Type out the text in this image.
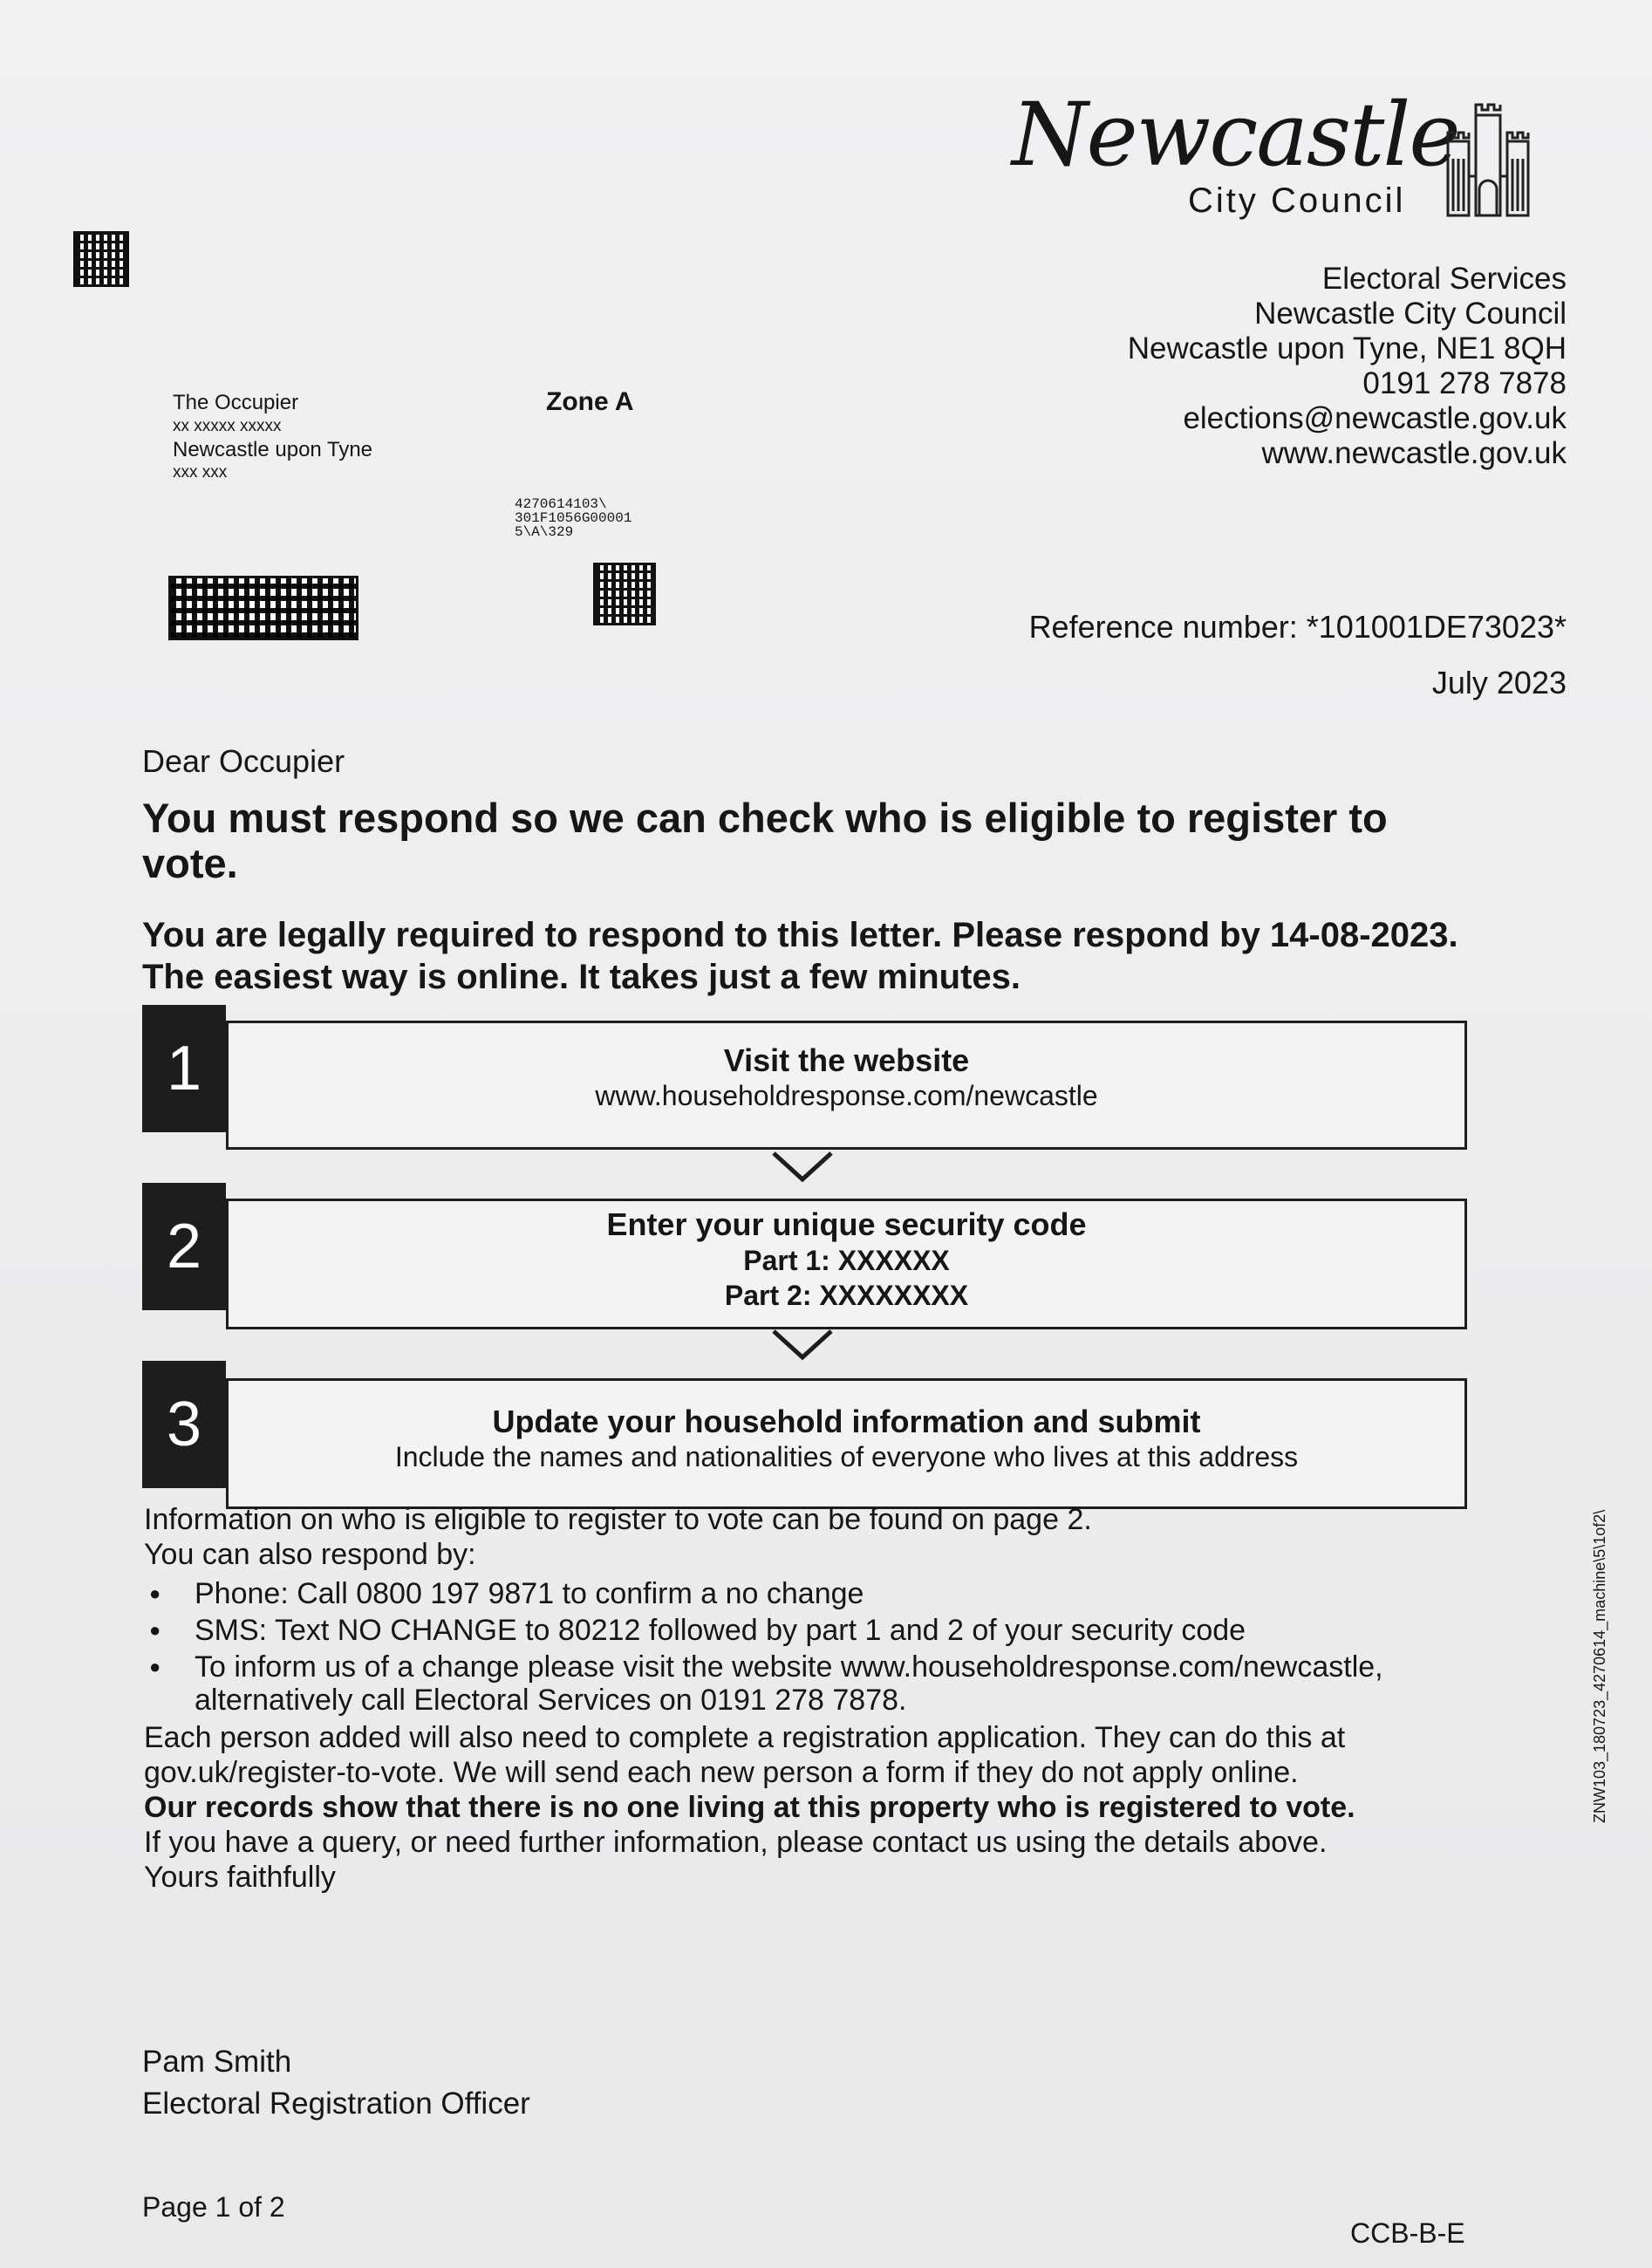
Newcastle
City Council
Electoral Services
Newcastle City Council
Newcastle upon Tyne, NE1 8QH
0191 278 7878
elections@newcastle.gov.uk
www.newcastle.gov.uk
The Occupier
xx xxxxx xxxxx
Newcastle upon Tyne
xxx xxx
Zone A
4270614103\
301F1056G00001
5\A\329
Reference number: *101001DE73023*
July 2023
Dear Occupier
You must respond so we can check who is eligible to register to vote.
You are legally required to respond to this letter. Please respond by 14-08-2023. The easiest way is online. It takes just a few minutes.
1	Visit the website
www.householdresponse.com/newcastle
2	Enter your unique security code
Part 1: XXXXXX
Part 2: XXXXXXXX
3	Update your household information and submit
Include the names and nationalities of everyone who lives at this address
Information on who is eligible to register to vote can be found on page 2.
You can also respond by:
● Phone: Call 0800 197 9871 to confirm a no change
● SMS: Text NO CHANGE to 80212 followed by part 1 and 2 of your security code
● To inform us of a change please visit the website www.householdresponse.com/newcastle, alternatively call Electoral Services on 0191 278 7878.
Each person added will also need to complete a registration application. They can do this at gov.uk/register-to-vote. We will send each new person a form if they do not apply online.
Our records show that there is no one living at this property who is registered to vote.
If you have a query, or need further information, please contact us using the details above.
Yours faithfully
Pam Smith
Electoral Registration Officer
Page 1 of 2
CCB-B-E
ZNW103_180723_4270614_machine\5\1of2\
